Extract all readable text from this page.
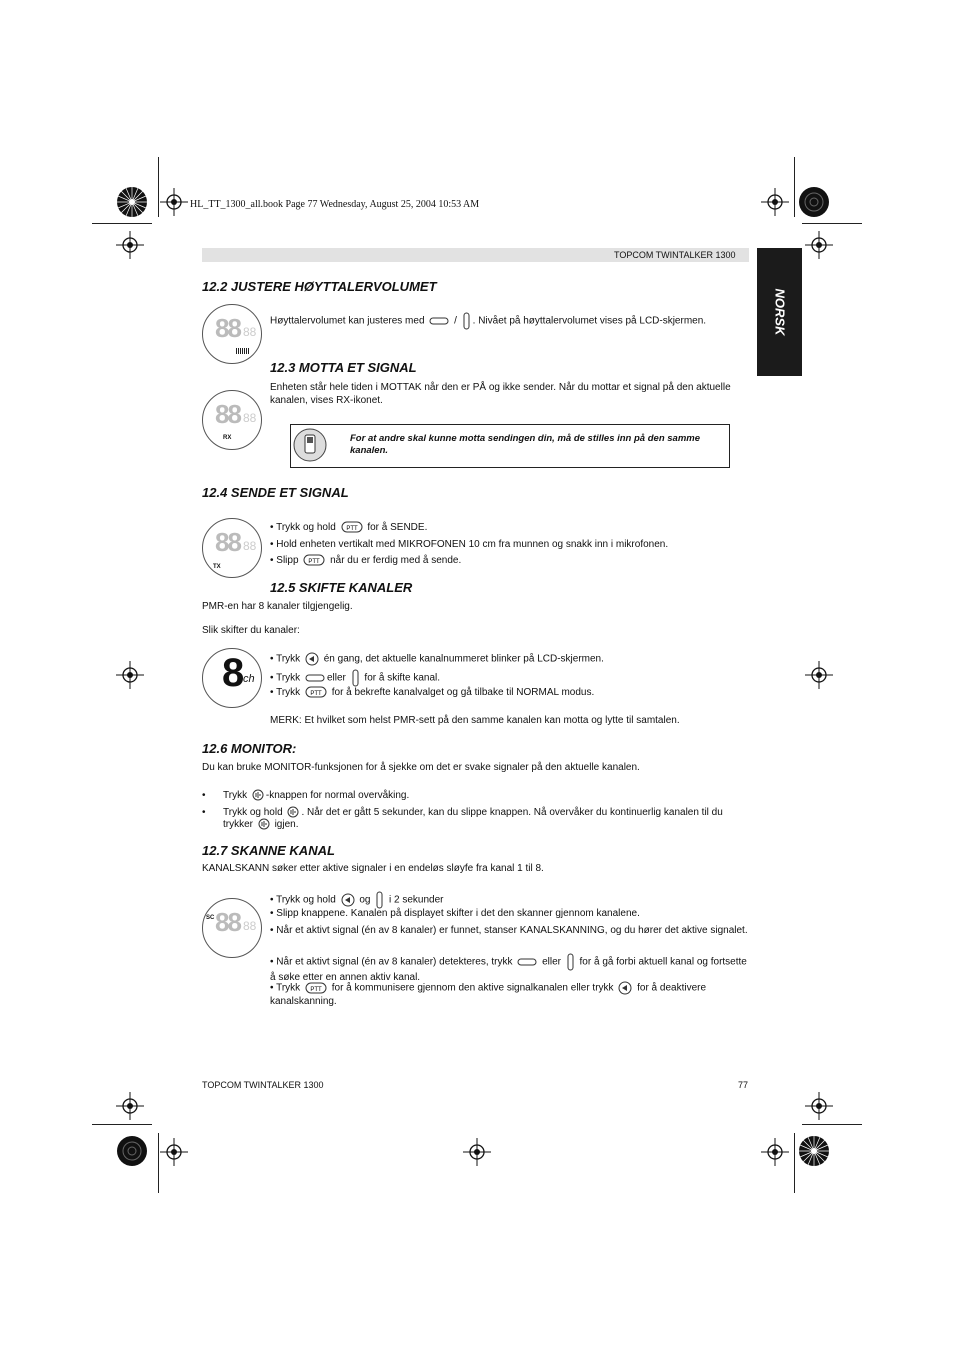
HL_TT_1300_all.book Page 77 Wednesday, August 25, 2004 10:53 AM
TOPCOM TWINTALKER 1300
NORSK
12.2 JUSTERE HØYTTALERVOLUMET
88 88
Høyttalervolumet kan justeres med	/ . Nivået på høyttalervolumet vises på LCD-skjermen.
12.3 MOTTA ET SIGNAL
Enheten står hele tiden i MOTTAK når den er PÅ og ikke sender. Når du mottar et signal på den aktuelle kanalen, vises RX-ikonet.
88 88
RX	For at andre skal kunne motta sendingen din, må de stilles inn på den samme kanalen.
12.4 SENDE ET SIGNAL
88 88
TX
• Trykk og hold PTT for å SENDE.
• Hold enheten vertikalt med MIKROFONEN 10 cm fra munnen og snakk inn i mikrofonen.
• Slipp PTT når du er ferdig med å sende.
12.5 SKIFTE KANALER
PMR-en har 8 kanaler tilgjengelig.
Slik skifter du kanaler:
8
ch
• Trykk én gang, det aktuelle kanalnummeret blinker på LCD-skjermen.
• Trykk	eller for å skifte kanal.
• Trykk PTT for å bekrefte kanalvalget og gå tilbake til NORMAL modus.
MERK: Et hvilket som helst PMR-sett på den samme kanalen kan motta og lytte til samtalen.
12.6 MONITOR:
Du kan bruke MONITOR-funksjonen for å sjekke om det er svake signaler på den aktuelle kanalen.
• Trykk -knappen for normal overvåking.
• Trykk og hold . Når det er gått 5 sekunder, kan du slippe knappen. Nå overvåker du kontinuerlig kanalen til du
trykker igjen.
12.7 SKANNE KANAL
KANALSKANN søker etter aktive signaler i en endeløs sløyfe fra kanal 1 til 8.
SC 88 88
• Trykk og hold og i 2 sekunder
• Slipp knappene. Kanalen på displayet skifter i det den skanner gjennom kanalene.
• Når et aktivt signal (én av 8 kanaler) er funnet, stanser KANALSKANNING, og du hører det aktive signalet.
• Når et aktivt signal (én av 8 kanaler) detekteres, trykk	eller for å gå forbi aktuell kanal og fortsette å søke etter en annen aktiv kanal.
• Trykk PTT for å kommunisere gjennom den aktive signalkanalen eller trykk for å deaktivere kanalskanning.
TOPCOM TWINTALKER 1300	77
